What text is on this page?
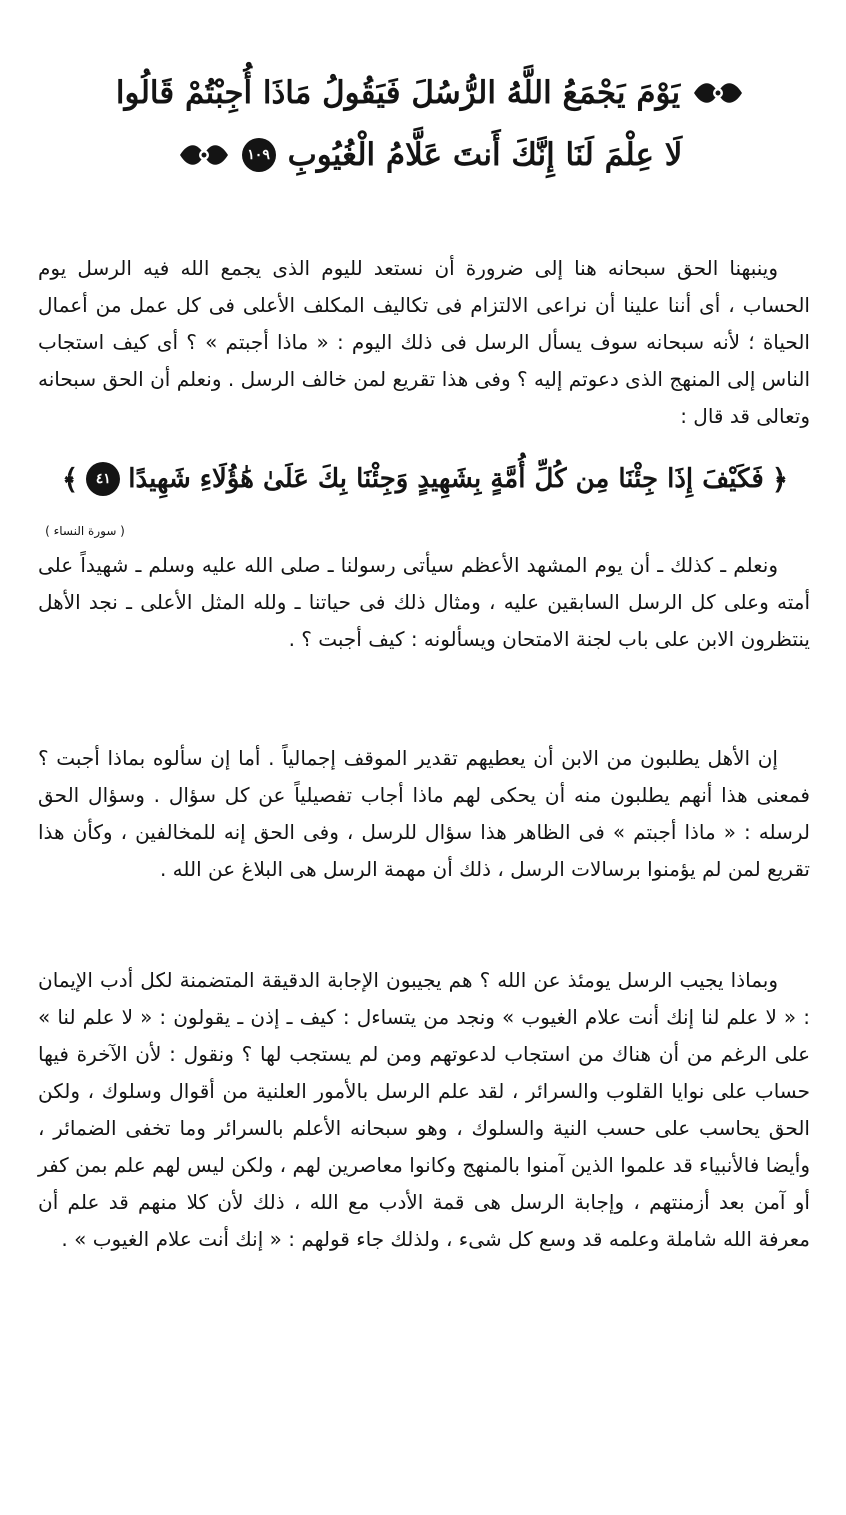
يَوْمَ يَجْمَعُ اللَّهُ الرُّسُلَ فَيَقُولُ مَاذَا أُجِبْتُمْ قَالُوا
لَا عِلْمَ لَنَا إِنَّكَ أَنتَ عَلَّامُ الْغُيُوبِ
١٠٩

وينبهنا الحق سبحانه هنا إلى ضرورة أن نستعد لليوم الذى يجمع الله فيه الرسل يوم الحساب ، أى أننا علينا أن نراعى الالتزام فى تكاليف المكلف الأعلى فى كل عمل من أعمال الحياة ؛ لأنه سبحانه سوف يسأل الرسل فى ذلك اليوم : « ماذا أجبتم » ؟ أى كيف استجاب الناس إلى المنهج الذى دعوتم إليه ؟ وفى هذا تقريع لمن خالف الرسل . ونعلم أن الحق سبحانه وتعالى قد قال :

﴿
فَكَيْفَ إِذَا جِئْنَا مِن كُلِّ أُمَّةٍ بِشَهِيدٍ وَجِئْنَا بِكَ عَلَىٰ هَٰؤُلَاءِ شَهِيدًا
٤١
﴾
( سورة النساء )

ونعلم ـ كذلك ـ أن يوم المشهد الأعظم سيأتى رسولنا ـ صلى الله عليه وسلم ـ شهيداً على أمته وعلى كل الرسل السابقين عليه ، ومثال ذلك فى حياتنا ـ ولله المثل الأعلى ـ نجد الأهل ينتظرون الابن على باب لجنة الامتحان ويسألونه : كيف أجبت ؟ .

إن الأهل يطلبون من الابن أن يعطيهم تقدير الموقف إجمالياً . أما إن سألوه بماذا أجبت ؟ فمعنى هذا أنهم يطلبون منه أن يحكى لهم ماذا أجاب تفصيلياً عن كل سؤال . وسؤال الحق لرسله : « ماذا أجبتم » فى الظاهر هذا سؤال للرسل ، وفى الحق إنه للمخالفين ، وكأن هذا تقريع لمن لم يؤمنوا برسالات الرسل ، ذلك أن مهمة الرسل هى البلاغ عن الله .

وبماذا يجيب الرسل يومئذ عن الله ؟ هم يجيبون الإجابة الدقيقة المتضمنة لكل أدب الإيمان : « لا علم لنا إنك أنت علام الغيوب » ونجد من يتساءل : كيف ـ إذن ـ يقولون : « لا علم لنا » على الرغم من أن هناك من استجاب لدعوتهم ومن لم يستجب لها ؟ ونقول : لأن الآخرة فيها حساب على نوايا القلوب والسرائر ، لقد علم الرسل بالأمور العلنية من أقوال وسلوك ، ولكن الحق يحاسب على حسب النية والسلوك ، وهو سبحانه الأعلم بالسرائر وما تخفى الضمائر ، وأيضا فالأنبياء قد علموا الذين آمنوا بالمنهج وكانوا معاصرين لهم ، ولكن ليس لهم علم بمن كفر أو آمن بعد أزمنتهم ، وإجابة الرسل هى قمة الأدب مع الله ، ذلك لأن كلا منهم قد علم أن معرفة الله شاملة وعلمه قد وسع كل شىء ، ولذلك جاء قولهم : « إنك أنت علام الغيوب » .
